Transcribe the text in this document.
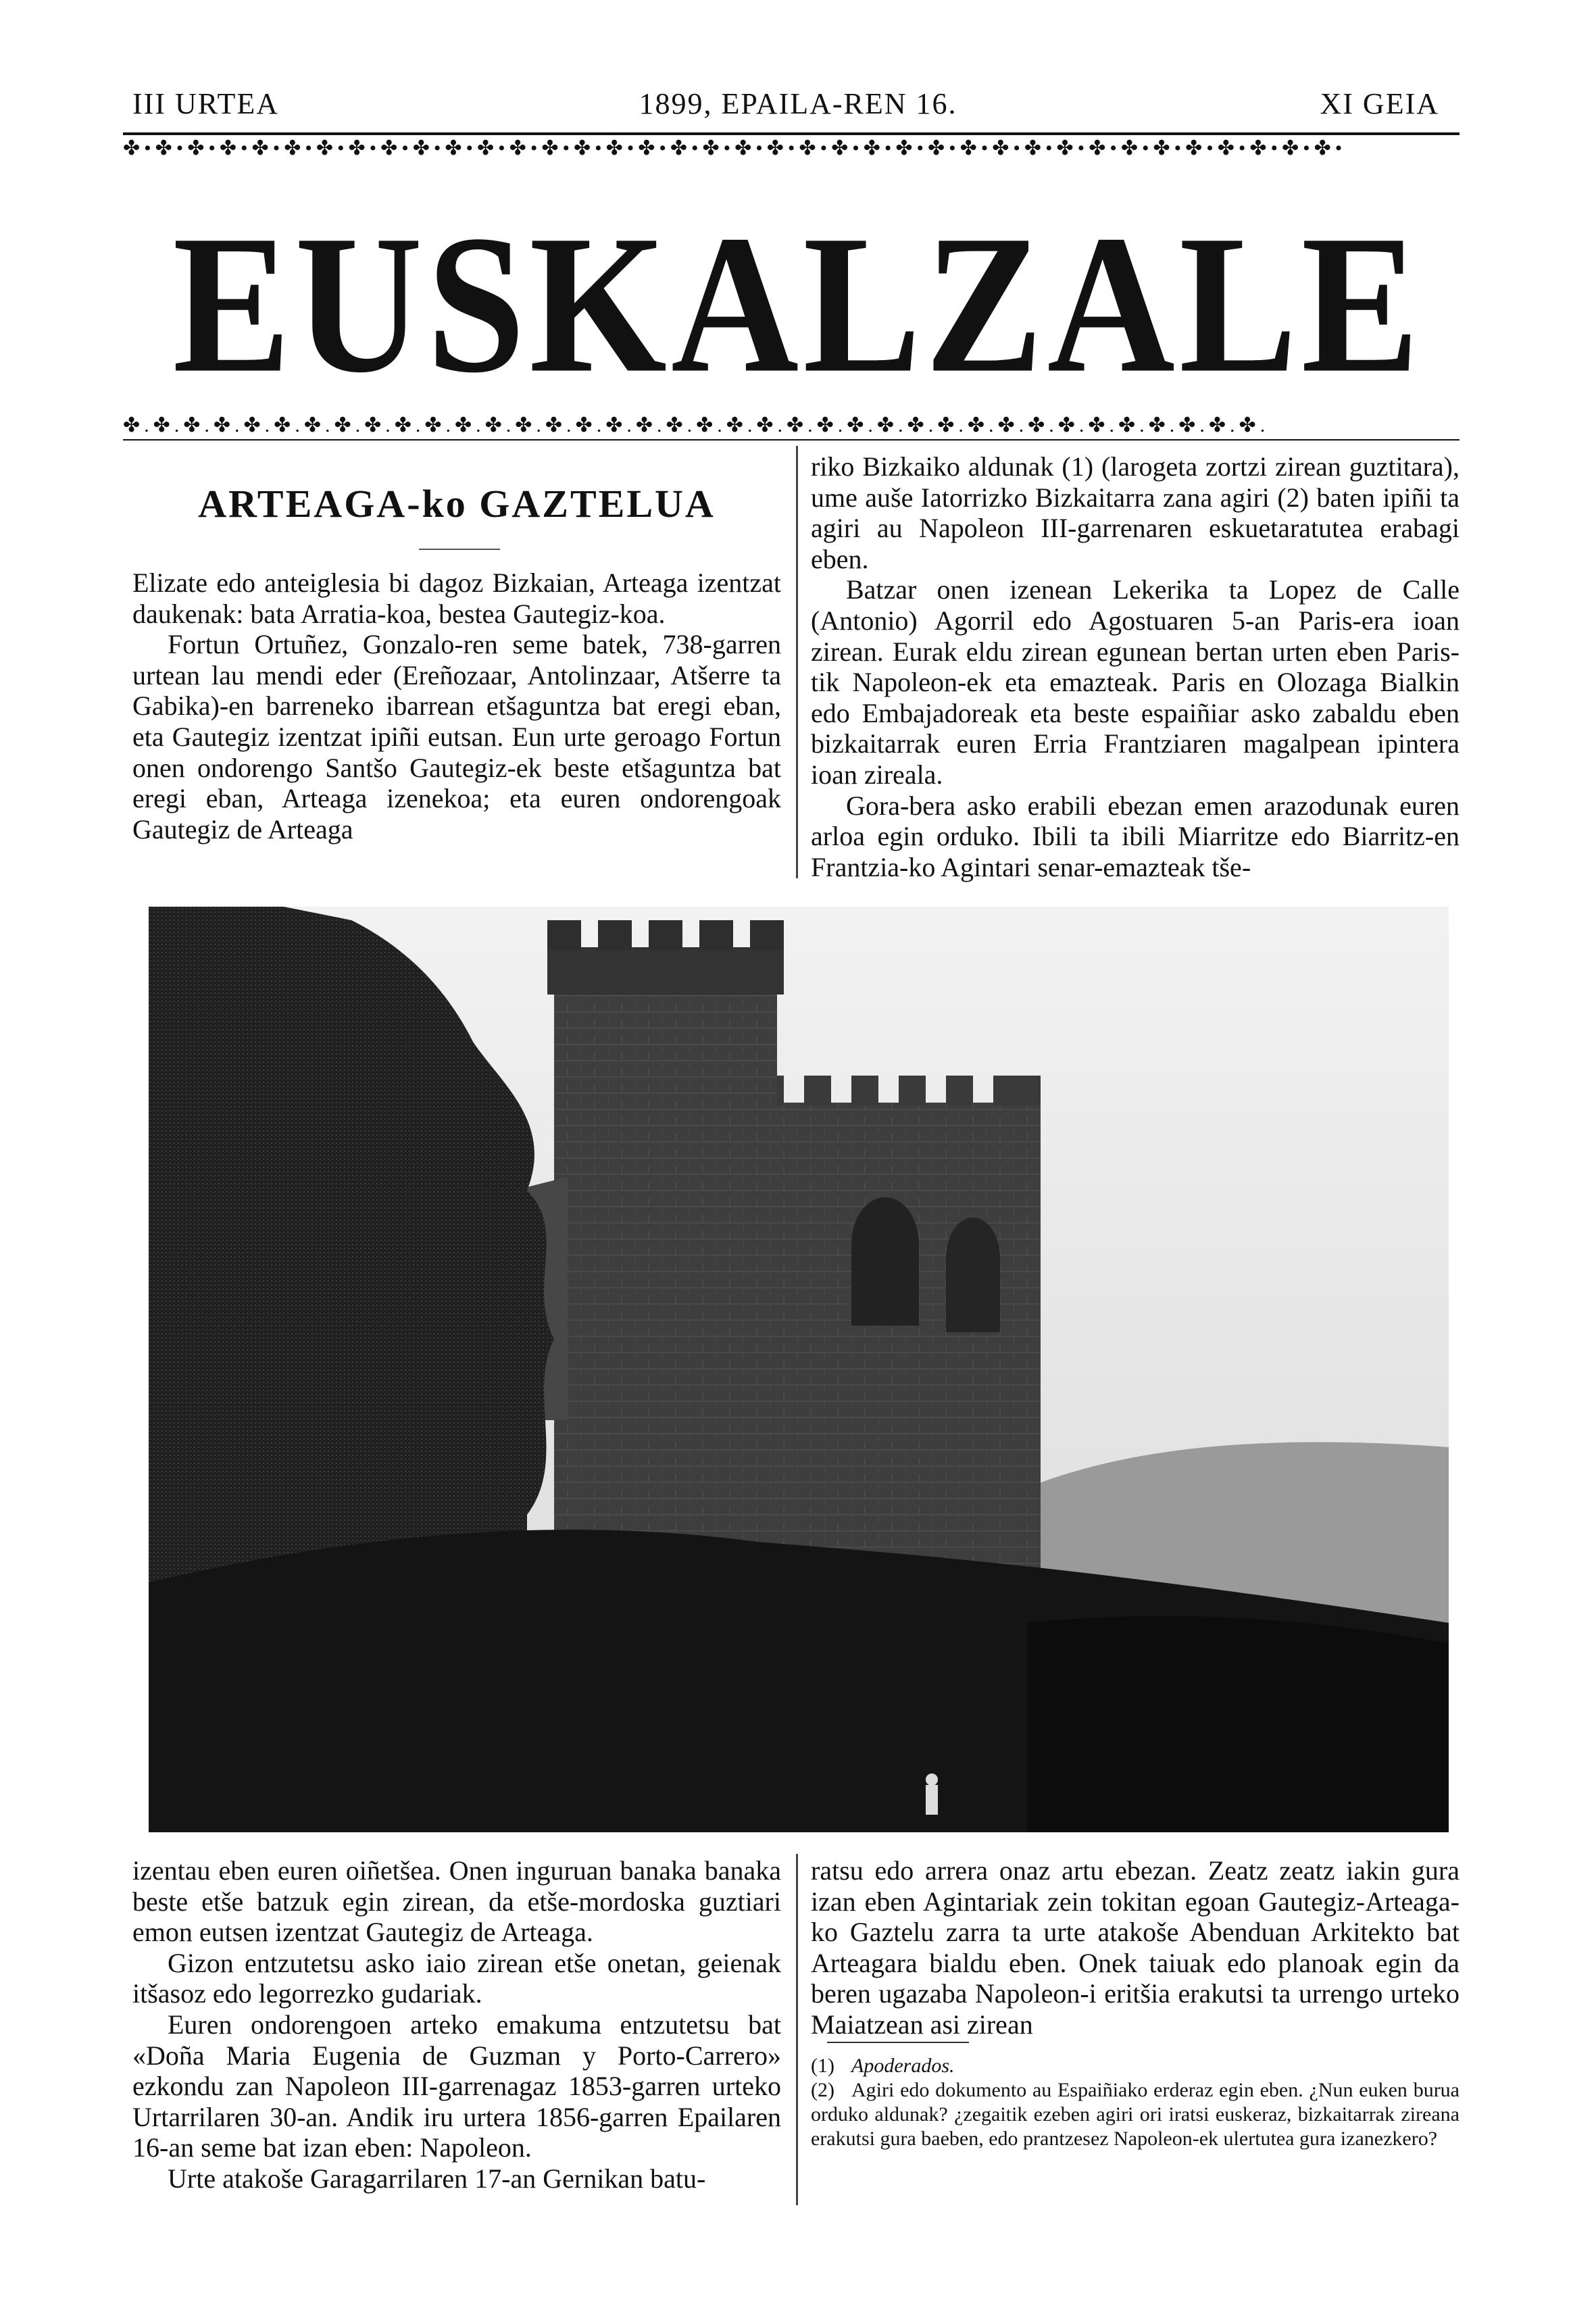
III URTEA	1899, EPAILA-REN 16.	XI GEIA
✤•✤•✤•✤•✤•✤•✤•✤•✤•✤•✤•✤•✤•✤•✤•✤•✤•✤•✤•✤•✤•✤•✤•✤•✤•✤•✤•✤•✤•✤•✤•✤•✤•✤•✤•✤•✤•✤•
EUSKALZALE
✤.✤.✤.✤.✤.✤.✤.✤.✤.✤.✤.✤.✤.✤.✤.✤.✤.✤.✤.✤.✤.✤.✤.✤.✤.✤.✤.✤.✤.✤.✤.✤.✤.✤.✤.✤.✤.✤.
ARTEAGA-ko GAZTELUA

Elizate edo anteiglesia bi dagoz Bizkaian, Arteaga izentzat daukenak: bata Arratia-koa, bestea Gautegiz-koa.

Fortun Ortuñez, Gonzalo-ren seme batek, 738-garren urtean lau mendi eder (Ereñozaar, Antolinzaar, Atšerre ta Gabika)-en barreneko ibarrean etšaguntza bat eregi eban, eta Gautegiz izentzat ipiñi eutsan. Eun urte geroago Fortun onen ondorengo Santšo Gautegiz-ek beste etšaguntza bat eregi eban, Arteaga izenekoa; eta euren ondorengoak Gautegiz de Arteaga

riko Bizkaiko aldunak (1) (larogeta zortzi zirean guztitara), ume auše Iatorrizko Bizkaitarra zana agiri (2) baten ipiñi ta agiri au Napoleon III-garrenaren eskuetaratutea erabagi eben.

Batzar onen izenean Lekerika ta Lopez de Calle (Antonio) Agorril edo Agostuaren 5-an Paris-era ioan zirean. Eurak eldu zirean egunean bertan urten eben Paris-tik Napoleon-ek eta emazteak. Paris en Olozaga Bialkin edo Embajadoreak eta beste espaiñiar asko zabaldu eben bizkaitarrak euren Erria Frantziaren magalpean ipintera ioan zireala.

Gora-bera asko erabili ebezan emen arazodunak euren arloa egin orduko. Ibili ta ibili Miarritze edo Biarritz-en Frantzia-ko Agintari senar-emazteak tše-

izentau eben euren oiñetšea. Onen inguruan banaka banaka beste etše batzuk egin zirean, da etše-mordoska guztiari emon eutsen izentzat Gautegiz de Arteaga.

Gizon entzutetsu asko iaio zirean etše onetan, geienak itšasoz edo legorrezko gudariak.

Euren ondorengoen arteko emakuma entzutetsu bat «Doña Maria Eugenia de Guzman y Porto-Carrero» ezkondu zan Napoleon III-garrenagaz 1853-garren urteko Urtarrilaren 30-an. Andik iru urtera 1856-garren Epailaren 16-an seme bat izan eben: Napoleon.

Urte atakoše Garagarrilaren 17-an Gernikan batu-

ratsu edo arrera onaz artu ebezan. Zeatz zeatz iakin gura izan eben Agintariak zein tokitan egoan Gautegiz-Arteaga-ko Gaztelu zarra ta urte atakoše Abenduan Arkitekto bat Arteagara bialdu eben. Onek taiuak edo planoak egin da beren ugazaba Napoleon-i eritšia erakutsi ta urrengo urteko Maiatzean asi zirean

(1) Apoderados.

(2) Agiri edo dokumento au Espaiñiako erderaz egin eben. ¿Nun euken burua orduko aldunak? ¿zegaitik ezeben agiri ori iratsi euskeraz, bizkaitarrak zireana erakutsi gura baeben, edo prantzesez Napoleon-ek ulertutea gura izanezkero?
